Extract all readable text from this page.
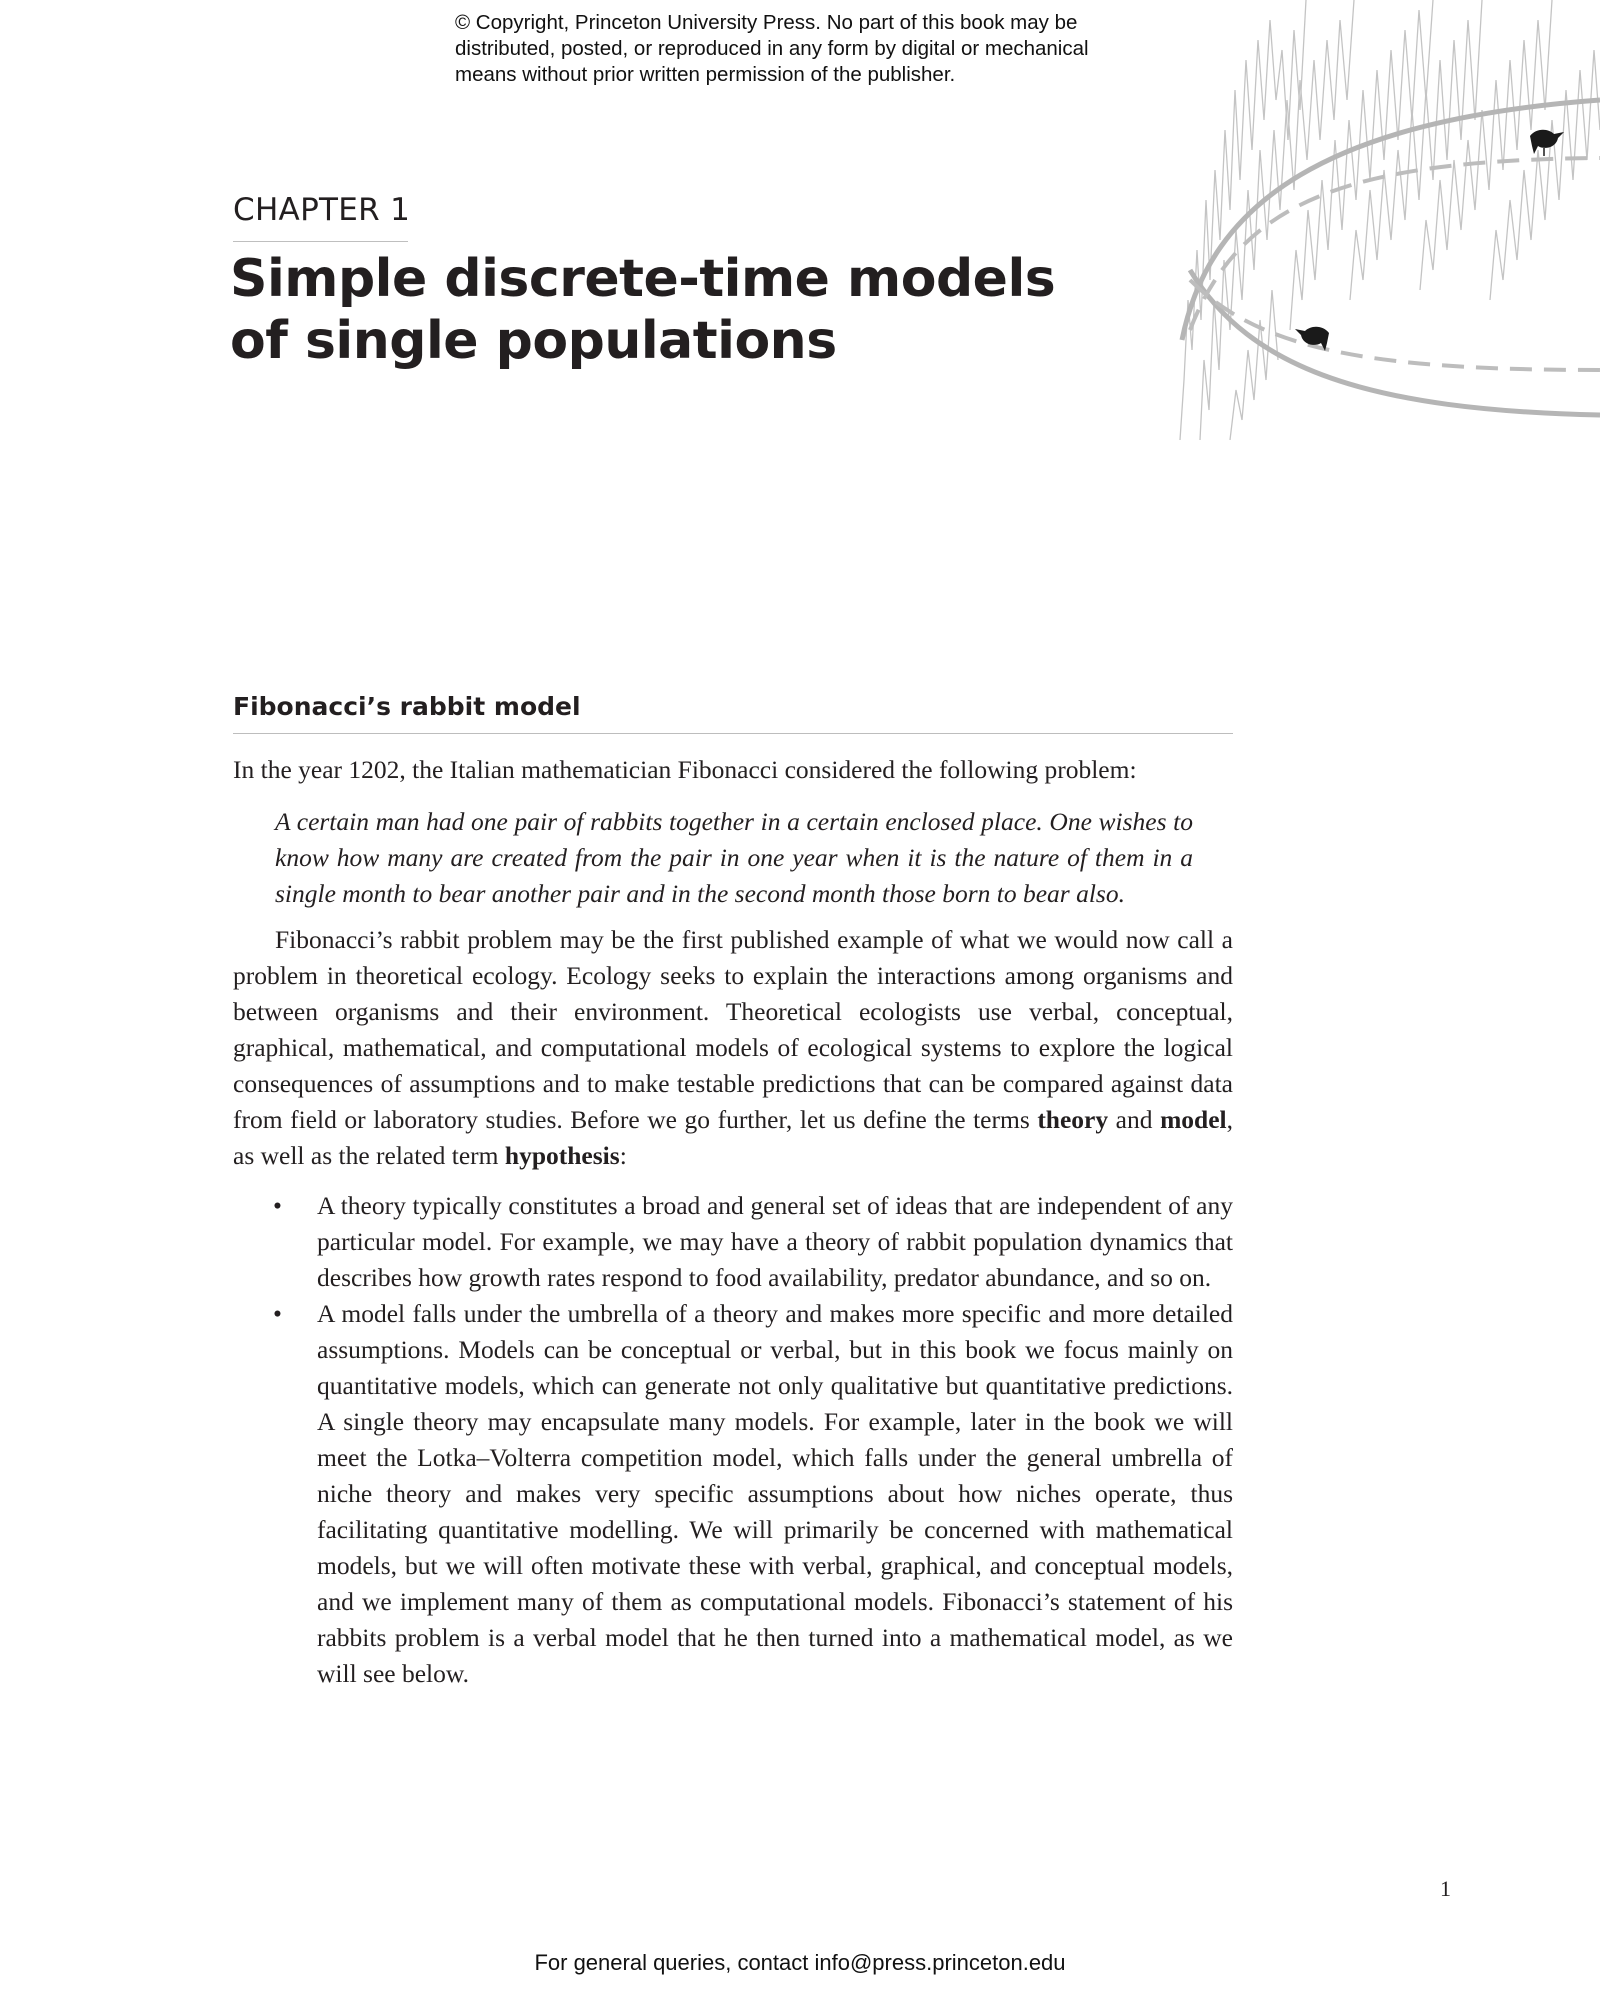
© Copyright, Princeton University Press. No part of this book may be
distributed, posted, or reproduced in any form by digital or mechanical
means without prior written permission of the publisher.

CHAPTER 1
Simple discrete-time models
of single populations
Fibonacci’s rabbit model

In the year 1202, the Italian mathematician Fibonacci considered the following problem:

A certain man had one pair of rabbits together in a certain enclosed place. One wishes to know how many are created from the pair in one year when it is the nature of them in a single month to bear another pair and in the second month those born to bear also.

Fibonacci’s rabbit problem may be the first published example of what we would now call a problem in theoretical ecology. Ecology seeks to explain the interactions among organisms and between organisms and their environment. Theoretical ecologists use verbal, conceptual, graphical, mathematical, and computational models of ecological systems to explore the logical consequences of assumptions and to make testable predictions that can be compared against data from field or laboratory studies. Before we go further, let us define the terms theory and model, as well as the related term hypothesis:

• A theory typically constitutes a broad and general set of ideas that are independent of any particular model. For example, we may have a theory of rabbit population dynamics that describes how growth rates respond to food availability, predator abundance, and so on.
• A model falls under the umbrella of a theory and makes more specific and more detailed assumptions. Models can be conceptual or verbal, but in this book we focus mainly on quantitative models, which can generate not only qualitative but quantitative predictions. A single theory may encapsulate many models. For example, later in the book we will meet the Lotka–Volterra competition model, which falls under the general umbrella of niche theory and makes very specific assumptions about how niches operate, thus facilitating quantitative modelling. We will primarily be concerned with mathematical models, but we will often motivate these with verbal, graphical, and conceptual models, and we implement many of them as computational models. Fibonacci’s statement of his rabbits problem is a verbal model that he then turned into a mathematical model, as we will see below.

1

For general queries, contact info@press.princeton.edu
